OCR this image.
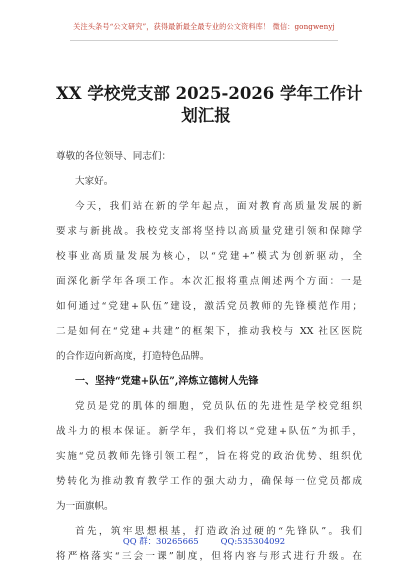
关注头条号“公文研究”，获得最新最全最专业的公文资料库！ 微信：gongwenyj
XX 学校党支部 2025-2026 学年工作计
划汇报
尊敬的各位领导、同志们：
大家好。
今天，我们站在新的学年起点，面对教育高质量发展的新
要求与新挑战。我校党支部将坚持以高质量党建引领和保障学
校事业高质量发展为核心，以“党建+”模式为创新驱动，全
面深化新学年各项工作。本次汇报将重点阐述两个方面：一是
如何通过“党建+队伍”建设，激活党员教师的先锋模范作用；
二是如何在“党建+共建”的框架下，推动我校与 XX 社区医院
的合作迈向新高度，打造特色品牌。
一、坚持“党建+队伍”,淬炼立德树人先锋
党员是党的肌体的细胞，党员队伍的先进性是学校党组织
战斗力的根本保证。新学年，我们将以“党建+队伍”为抓手，
实施“党员教师先锋引领工程”，旨在将党的政治优势、组织优
势转化为推动教育教学工作的强大动力，确保每一位党员都成
为一面旗帜。
首先，筑牢思想根基，打造政治过硬的“先锋队”。我们
将严格落实“三会一课”制度，但将内容与形式进行升级。在
QQ 群：30265665	QQ:535304092
